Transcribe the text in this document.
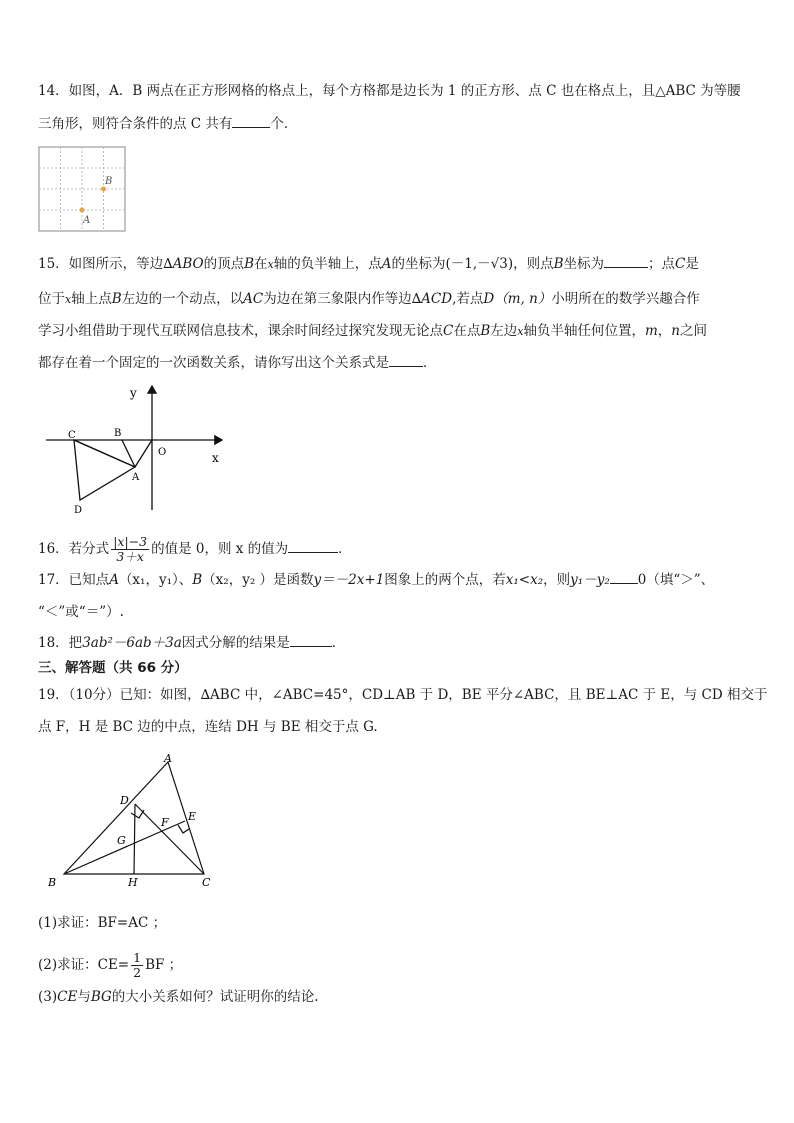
14．如图，A．B 两点在正方形网格的格点上，每个方格都是边长为 1 的正方形、点 C 也在格点上，且△ABC 为等腰
三角形，则符合条件的点 C 共有	个．
B
A
15．如图所示，等边∆ABO的顶点B在x轴的负半轴上，点A的坐标为(－1,－√3)，则点B坐标为	；点C是
位于x轴上点B左边的一个动点，以AC为边在第三象限内作等边∆ACD,若点D（m, n）小明所在的数学兴趣合作
学习小组借助于现代互联网信息技术，课余时间经过探究发现无论点C在点B左边x轴负半轴任何位置，m，n之间
都存在着一个固定的一次函数关系，请你写出这个关系式是	．
y
x
O
C	B
A
D
16．若分式 $\frac{|x|-3}{3+x}$ 的值是 0，则 x 的值为	．
17．已知点A（x₁，y₁）、B（x₂，y₂ ）是函数y＝－2x+1图象上的两个点，若x₁<x₂，则y₁－y₂ 0（填“＞”、
“＜”或“＝”）.
18．把3ab²－6ab＋3a因式分解的结果是	．
三、解答题（共 66 分）
19．（10分）已知：如图，∆ABC 中，∠ABC=45°，CD⊥AB 于 D，BE 平分∠ABC，且 BE⊥AC 于 E，与 CD 相交于
点 F，H 是 BC 边的中点，连结 DH 与 BE 相交于点 G.
A
B	C
D
E
F
G
H
(1)求证：BF=AC ；
(2)求证：$CE= \frac{1}{2}$ BF ；
(3)CE与BG的大小关系如何？试证明你的结论.
